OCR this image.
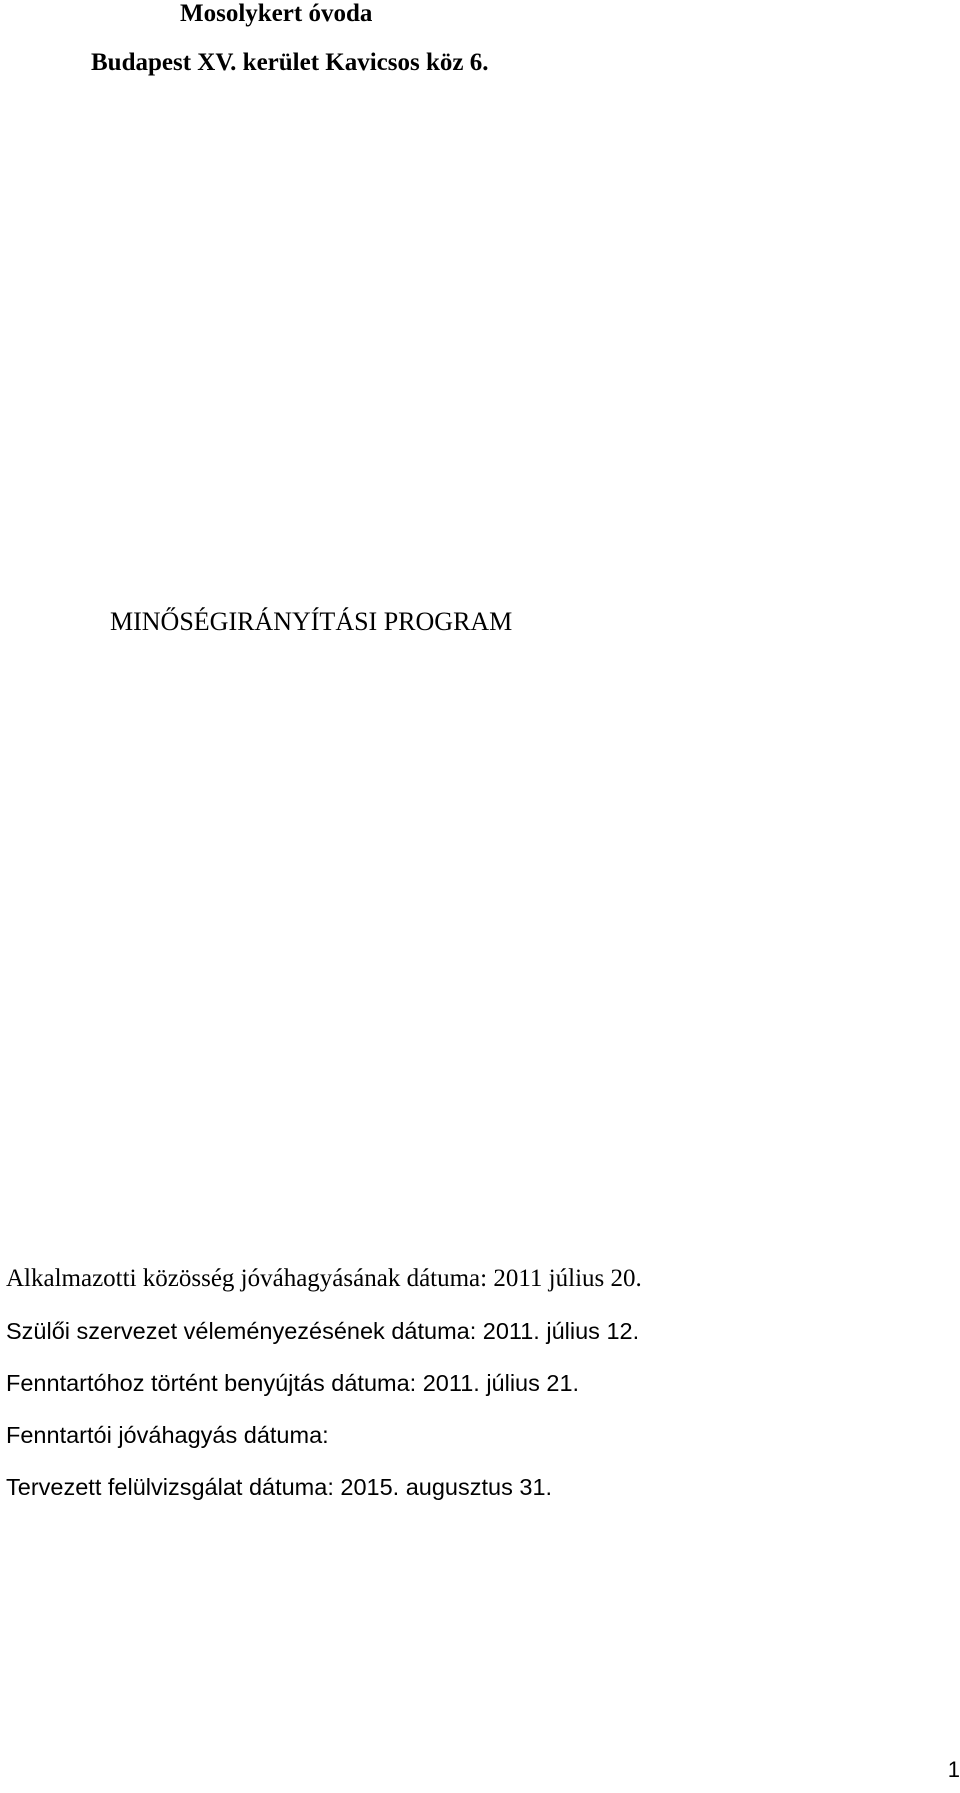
Mosolykert óvoda
Budapest XV. kerület Kavicsos köz 6.
MINŐSÉGIRÁNYÍTÁSI PROGRAM
Alkalmazotti közösség jóváhagyásának dátuma: 2011 július 20.
Szülői szervezet véleményezésének dátuma: 2011. július 12.
Fenntartóhoz történt benyújtás dátuma: 2011. július 21.
Fenntartói jóváhagyás dátuma:
Tervezett felülvizsgálat dátuma: 2015. augusztus 31.
1
